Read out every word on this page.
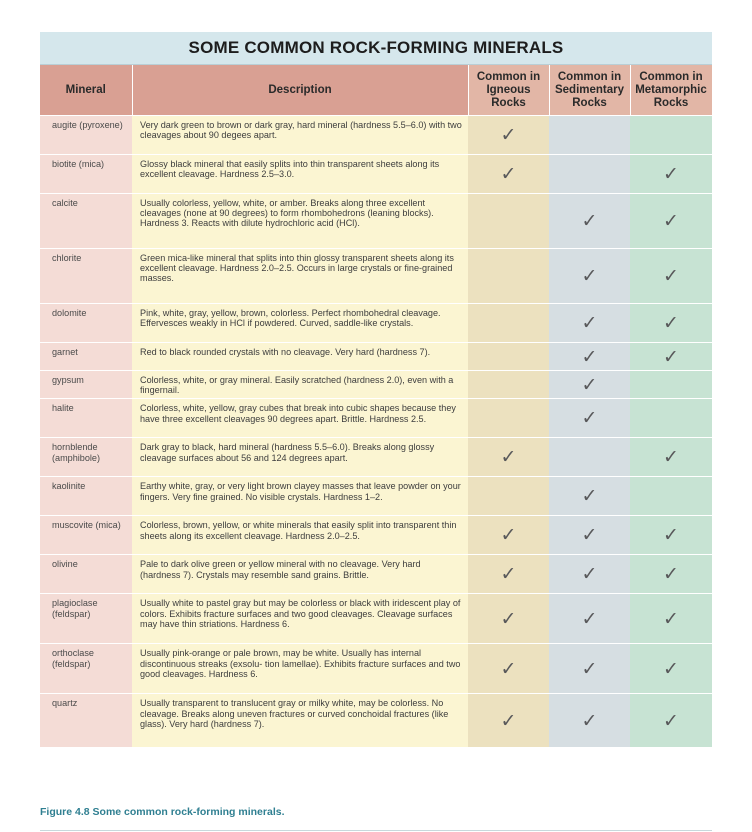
SOME COMMON ROCK-FORMING MINERALS
Mineral	Description	Common in Igneous Rocks	Common in Sedimentary Rocks	Common in Metamorphic Rocks
augite (pyroxene)	Very dark green to brown or dark gray, hard mineral (hardness 5.5–6.0) with two cleavages about 90 degees apart.	✓		
biotite (mica)	Glossy black mineral that easily splits into thin transparent sheets along its excellent cleavage. Hardness 2.5–3.0.	✓		✓
calcite	Usually colorless, yellow, white, or amber. Breaks along three excellent cleavages (none at 90 degrees) to form rhombohedrons (leaning blocks). Hardness 3. Reacts with dilute hydrochloric acid (HCl).		✓	✓
chlorite	Green mica-like mineral that splits into thin glossy transparent sheets along its excellent cleavage. Hardness 2.0–2.5. Occurs in large crystals or fine-grained masses.		✓	✓
dolomite	Pink, white, gray, yellow, brown, colorless. Perfect rhombohedral cleavage. Effervesces weakly in HCl if powdered. Curved, saddle-like crystals.		✓	✓
garnet	Red to black rounded crystals with no cleavage. Very hard (hardness 7).		✓	✓
gypsum	Colorless, white, or gray mineral. Easily scratched (hardness 2.0), even with a fingernail.		✓	
halite	Colorless, white, yellow, gray cubes that break into cubic shapes because they have three excellent cleavages 90 degrees apart. Brittle. Hardness 2.5.		✓	
hornblende (amphibole)	Dark gray to black, hard mineral (hardness 5.5–6.0). Breaks along glossy cleavage surfaces about 56 and 124 degrees apart.	✓		✓
kaolinite	Earthy white, gray, or very light brown clayey masses that leave powder on your fingers. Very fine grained. No visible crystals. Hardness 1–2.		✓	
muscovite (mica)	Colorless, brown, yellow, or white minerals that easily split into transparent thin sheets along its excellent cleavage. Hardness 2.0–2.5.	✓	✓	✓
olivine	Pale to dark olive green or yellow mineral with no cleavage. Very hard (hardness 7). Crystals may resemble sand grains. Brittle.	✓	✓	✓
plagioclase (feldspar)	Usually white to pastel gray but may be colorless or black with iridescent play of colors. Exhibits fracture surfaces and two good cleavages. Cleavage surfaces may have thin striations. Hardness 6.	✓	✓	✓
orthoclase (feldspar)	Usually pink-orange or pale brown, may be white. Usually has internal discontinuous streaks (exsolu- tion lamellae). Exhibits fracture surfaces and two good cleavages. Hardness 6.	✓	✓	✓
quartz	Usually transparent to translucent gray or milky white, may be colorless. No cleavage. Breaks along uneven fractures or curved conchoidal fractures (like glass). Very hard (hardness 7).	✓	✓	✓
Figure 4.8 Some common rock-forming minerals.
